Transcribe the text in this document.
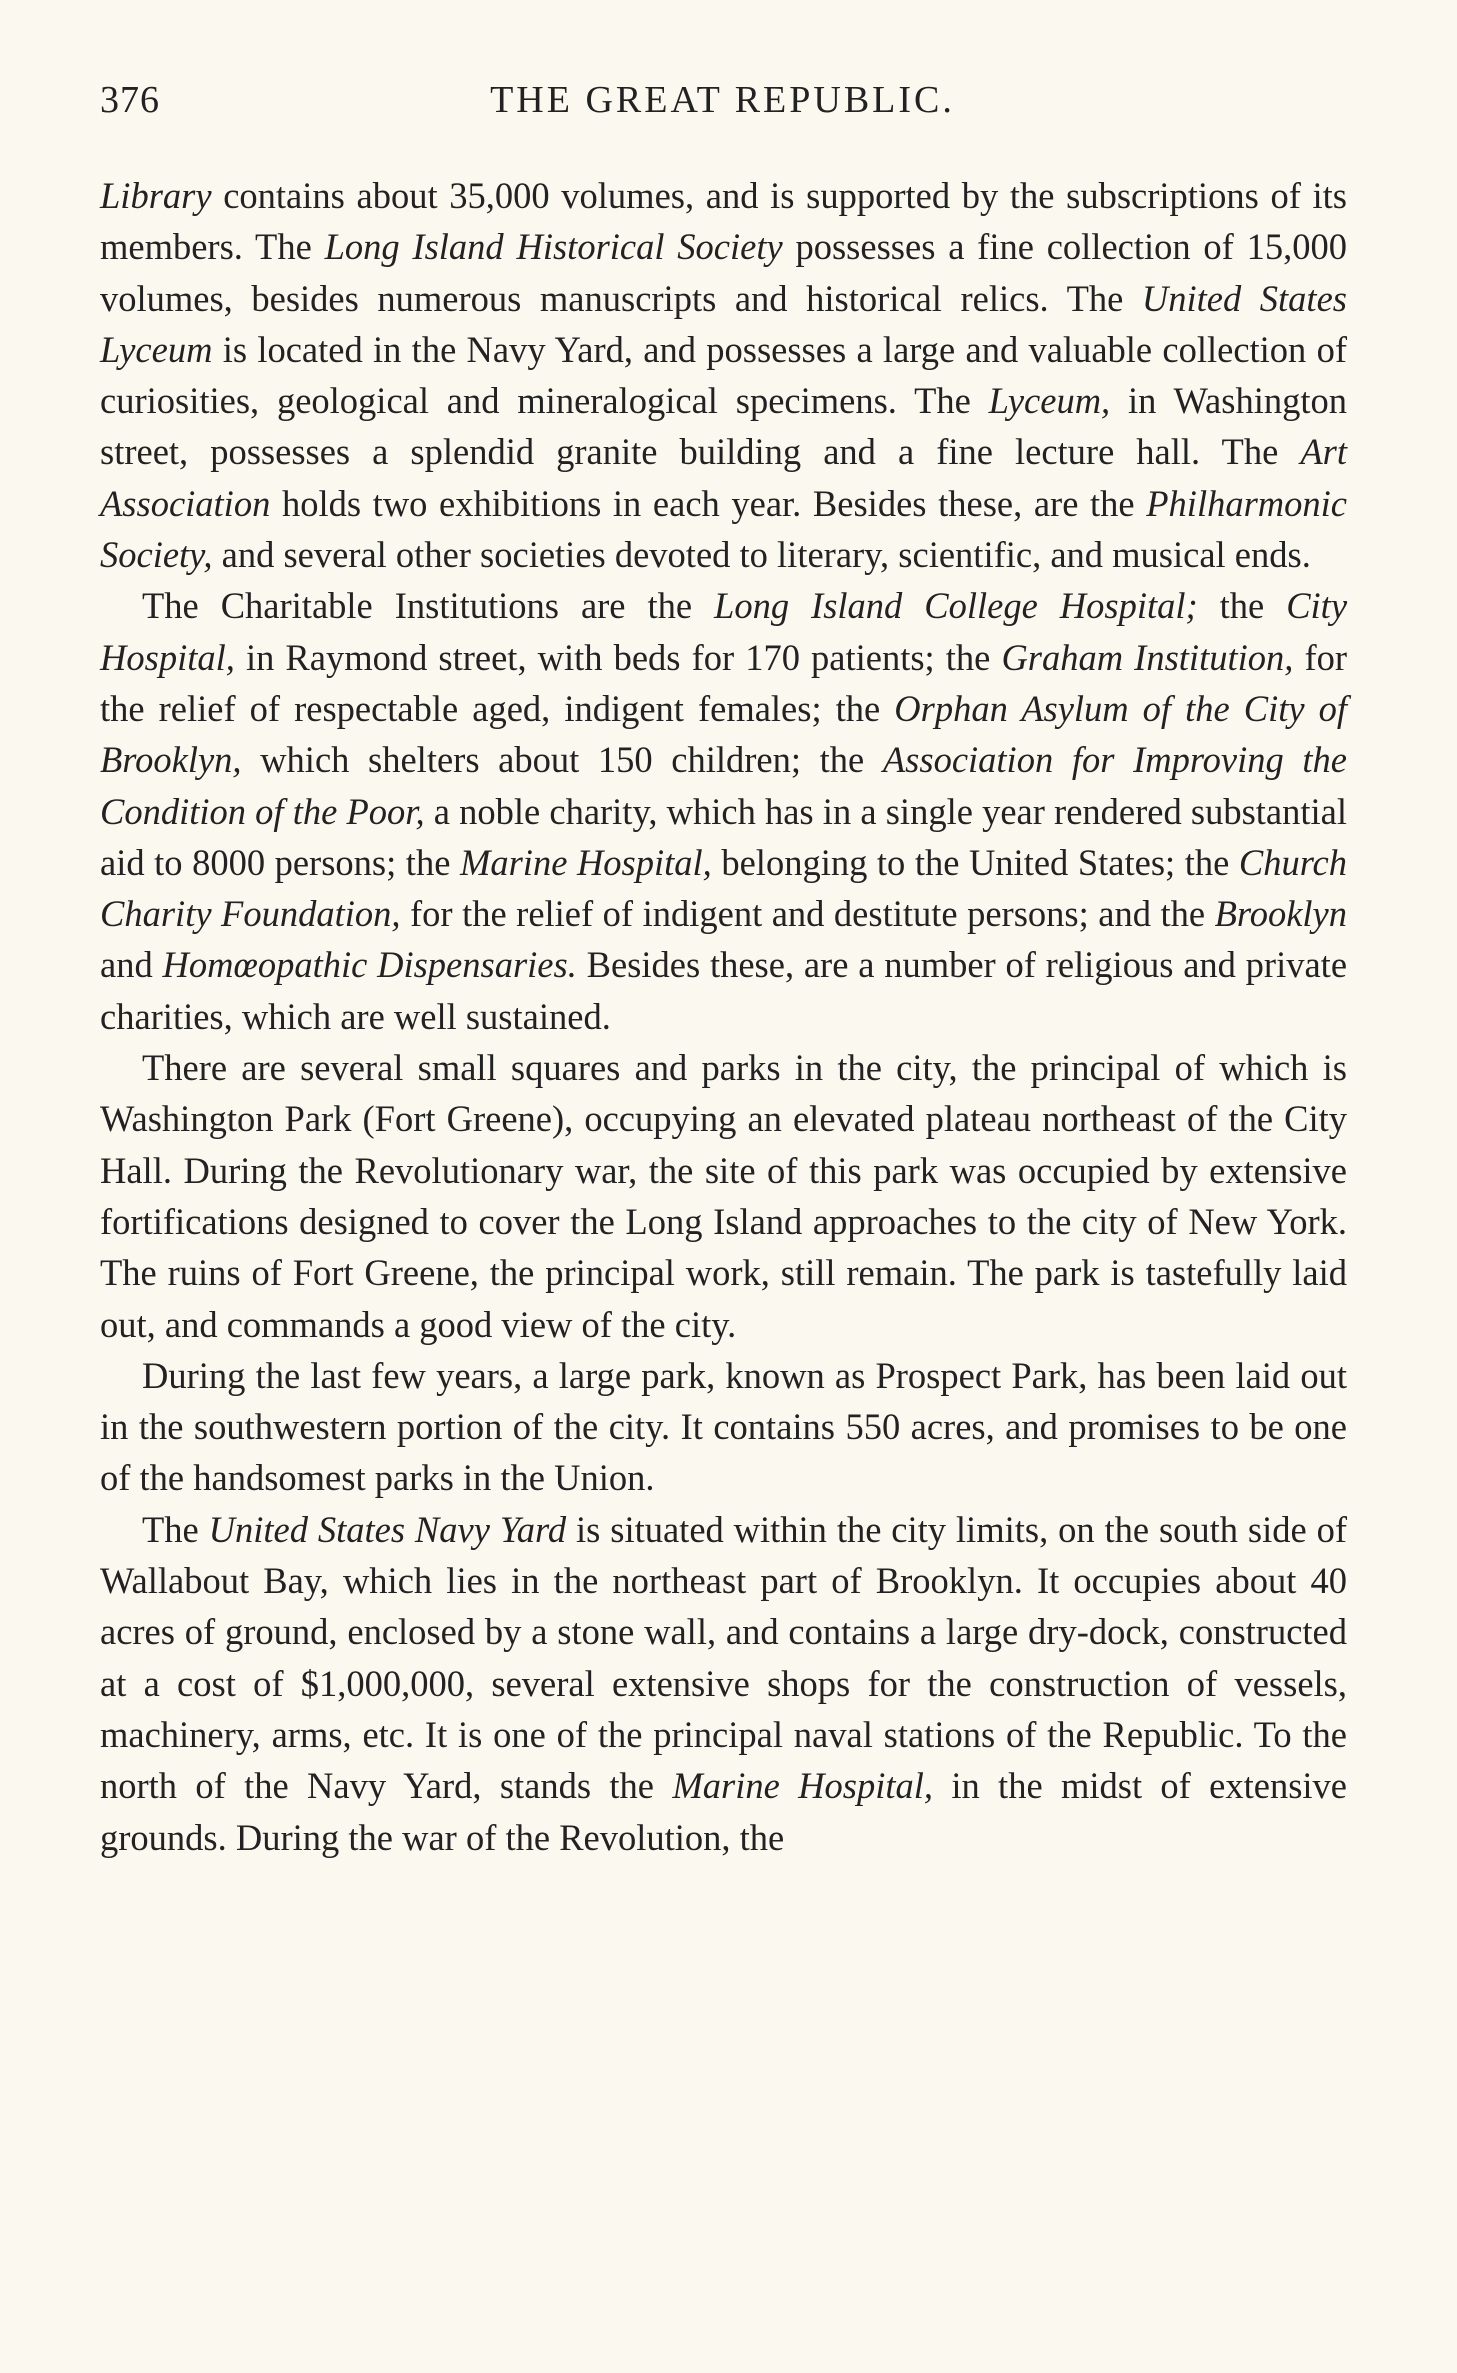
376	THE GREAT REPUBLIC.

Library contains about 35,000 volumes, and is supported by the subscriptions of its members. The Long Island Historical Society possesses a fine collection of 15,000 volumes, besides numerous manuscripts and historical relics. The United States Lyceum is located in the Navy Yard, and possesses a large and valuable collection of curiosities, geological and mineralogical specimens. The Lyceum, in Washington street, possesses a splendid granite building and a fine lecture hall. The Art Association holds two exhibitions in each year. Besides these, are the Philharmonic Society, and several other societies devoted to literary, scientific, and musical ends.

The Charitable Institutions are the Long Island College Hospital; the City Hospital, in Raymond street, with beds for 170 patients; the Graham Institution, for the relief of respectable aged, indigent females; the Orphan Asylum of the City of Brooklyn, which shelters about 150 children; the Association for Improving the Condition of the Poor, a noble charity, which has in a single year rendered substantial aid to 8000 persons; the Marine Hospital, belonging to the United States; the Church Charity Foundation, for the relief of indigent and destitute persons; and the Brooklyn and Homœopathic Dispensaries. Besides these, are a number of religious and private charities, which are well sustained.

There are several small squares and parks in the city, the principal of which is Washington Park (Fort Greene), occupying an elevated plateau northeast of the City Hall. During the Revolutionary war, the site of this park was occupied by extensive fortifications designed to cover the Long Island approaches to the city of New York. The ruins of Fort Greene, the principal work, still remain. The park is tastefully laid out, and commands a good view of the city.

During the last few years, a large park, known as Prospect Park, has been laid out in the southwestern portion of the city. It contains 550 acres, and promises to be one of the handsomest parks in the Union.

The United States Navy Yard is situated within the city limits, on the south side of Wallabout Bay, which lies in the northeast part of Brooklyn. It occupies about 40 acres of ground, enclosed by a stone wall, and contains a large dry-dock, constructed at a cost of $1,000,000, several extensive shops for the construction of vessels, machinery, arms, etc. It is one of the principal naval stations of the Republic. To the north of the Navy Yard, stands the Marine Hospital, in the midst of extensive grounds. During the war of the Revolution, the
